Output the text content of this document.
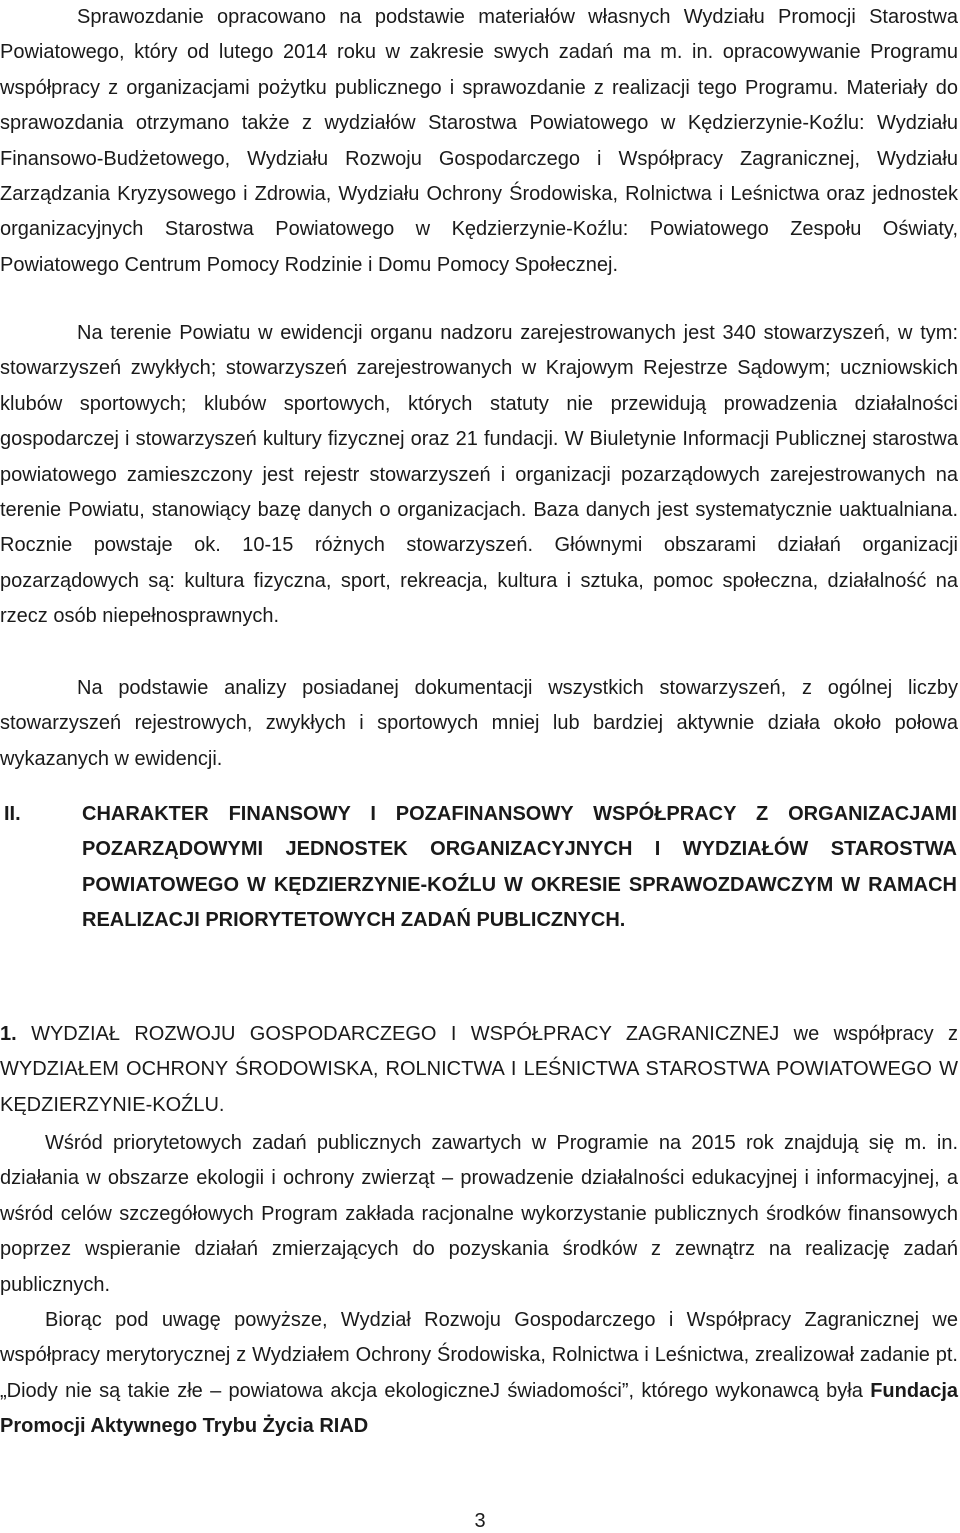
Sprawozdanie opracowano na podstawie materiałów własnych Wydziału Promocji Starostwa Powiatowego, który od lutego 2014 roku w zakresie swych zadań ma m. in. opracowywanie Programu współpracy z organizacjami pożytku publicznego i sprawozdanie z realizacji tego Programu. Materiały do sprawozdania otrzymano także z wydziałów Starostwa Powiatowego w Kędzierzynie-Koźlu: Wydziału Finansowo-Budżetowego, Wydziału Rozwoju Gospodarczego i Współpracy Zagranicznej, Wydziału Zarządzania Kryzysowego i Zdrowia, Wydziału Ochrony Środowiska, Rolnictwa i Leśnictwa oraz jednostek organizacyjnych Starostwa Powiatowego w Kędzierzynie-Koźlu: Powiatowego Zespołu Oświaty, Powiatowego Centrum Pomocy Rodzinie i Domu Pomocy Społecznej.

Na terenie Powiatu w ewidencji organu nadzoru zarejestrowanych jest 340 stowarzyszeń, w tym: stowarzyszeń zwykłych; stowarzyszeń zarejestrowanych w Krajowym Rejestrze Sądowym; uczniowskich klubów sportowych; klubów sportowych, których statuty nie przewidują prowadzenia działalności gospodarczej i stowarzyszeń kultury fizycznej oraz 21 fundacji. W Biuletynie Informacji Publicznej starostwa powiatowego zamieszczony jest rejestr stowarzyszeń i organizacji pozarządowych zarejestrowanych na terenie Powiatu, stanowiący bazę danych o organizacjach. Baza danych jest systematycznie uaktualniana. Rocznie powstaje ok. 10-15 różnych stowarzyszeń. Głównymi obszarami działań organizacji pozarządowych są: kultura fizyczna, sport, rekreacja, kultura i sztuka, pomoc społeczna, działalność na rzecz osób niepełnosprawnych.

Na podstawie analizy posiadanej dokumentacji wszystkich stowarzyszeń, z ogólnej liczby stowarzyszeń rejestrowych, zwykłych i sportowych mniej lub bardziej aktywnie działa około połowa wykazanych w ewidencji.

II.	CHARAKTER FINANSOWY I POZAFINANSOWY WSPÓŁPRACY Z ORGANIZACJAMI POZARZĄDOWYMI JEDNOSTEK ORGANIZACYJNYCH I WYDZIAŁÓW STAROSTWA POWIATOWEGO W KĘDZIERZYNIE-KOŹLU W OKRESIE SPRAWOZDAWCZYM W RAMACH REALIZACJI PRIORYTETOWYCH ZADAŃ PUBLICZNYCH.

1. WYDZIAŁ ROZWOJU GOSPODARCZEGO I WSPÓŁPRACY ZAGRANICZNEJ we współpracy z WYDZIAŁEM OCHRONY ŚRODOWISKA, ROLNICTWA I LEŚNICTWA STAROSTWA POWIATOWEGO W KĘDZIERZYNIE-KOŹLU.

Wśród priorytetowych zadań publicznych zawartych w Programie na 2015 rok znajdują się m. in. działania w obszarze ekologii i ochrony zwierząt – prowadzenie działalności edukacyjnej i informacyjnej, a wśród celów szczegółowych Program zakłada racjonalne wykorzystanie publicznych środków finansowych poprzez wspieranie działań zmierzających do pozyskania środków z zewnątrz na realizację zadań publicznych.

Biorąc pod uwagę powyższe, Wydział Rozwoju Gospodarczego i Współpracy Zagranicznej we współpracy merytorycznej z Wydziałem Ochrony Środowiska, Rolnictwa i Leśnictwa, zrealizował zadanie pt. „Diody nie są takie złe – powiatowa akcja ekologiczneJ świadomości”, którego wykonawcą była Fundacja Promocji Aktywnego Trybu Życia RIAD

3
